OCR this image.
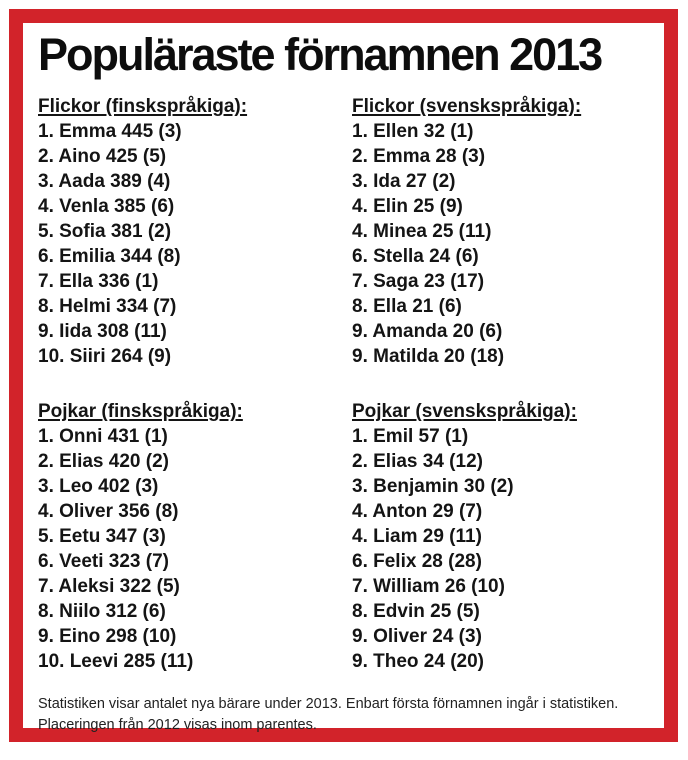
Populäraste förnamnen 2013
Flickor (finskspråkiga):
1. Emma 445 (3)
2. Aino 425 (5)
3. Aada 389 (4)
4. Venla 385 (6)
5. Sofia 381 (2)
6. Emilia 344 (8)
7. Ella 336 (1)
8. Helmi 334 (7)
9. Iida 308 (11)
10. Siiri 264 (9)
Flickor (svenskspråkiga):
1. Ellen 32 (1)
2. Emma 28 (3)
3. Ida 27 (2)
4. Elin 25 (9)
4. Minea 25 (11)
6. Stella 24 (6)
7. Saga 23 (17)
8. Ella 21 (6)
9. Amanda 20 (6)
9. Matilda 20 (18)
Pojkar (finskspråkiga):
1. Onni 431 (1)
2. Elias 420 (2)
3. Leo 402 (3)
4. Oliver 356 (8)
5. Eetu 347 (3)
6. Veeti 323 (7)
7. Aleksi 322 (5)
8. Niilo 312 (6)
9. Eino 298 (10)
10. Leevi 285 (11)
Pojkar (svenskspråkiga):
1. Emil 57 (1)
2. Elias 34 (12)
3. Benjamin 30 (2)
4. Anton 29 (7)
4. Liam 29 (11)
6. Felix 28 (28)
7. William 26 (10)
8. Edvin 25 (5)
9. Oliver 24 (3)
9. Theo 24 (20)
Statistiken visar antalet nya bärare under 2013. Enbart första förnamnen ingår i statistiken.
Placeringen från 2012 visas inom parentes.
